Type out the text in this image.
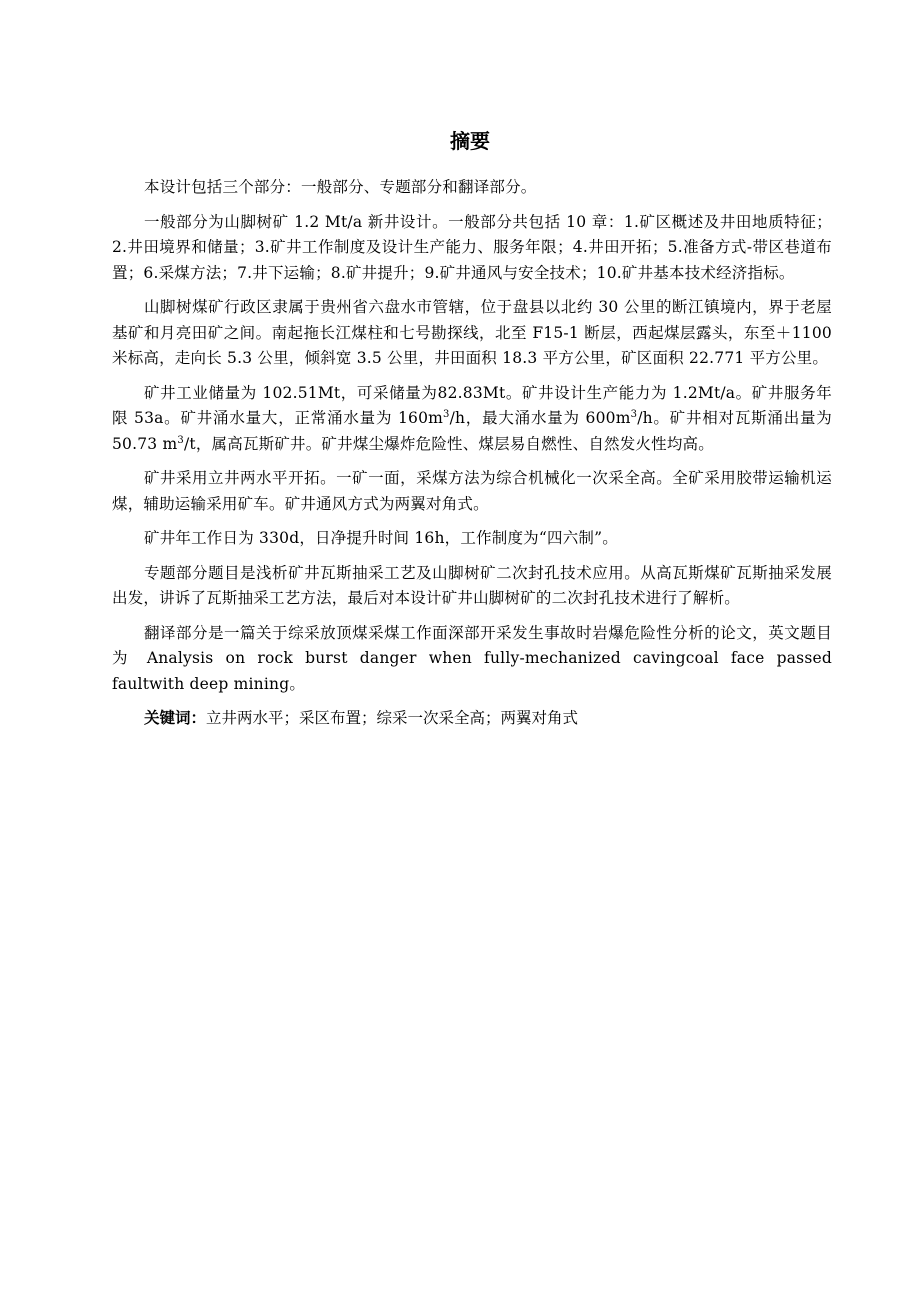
摘要

本设计包括三个部分：一般部分、专题部分和翻译部分。

一般部分为山脚树矿 1.2 Mt/a 新井设计。一般部分共包括 10 章：1.矿区概述及井田地质特征；2.井田境界和储量；3.矿井工作制度及设计生产能力、服务年限；4.井田开拓；5.准备方式-带区巷道布置；6.采煤方法；7.井下运输；8.矿井提升；9.矿井通风与安全技术；10.矿井基本技术经济指标。

山脚树煤矿行政区隶属于贵州省六盘水市管辖，位于盘县以北约 30 公里的断江镇境内，界于老屋基矿和月亮田矿之间。南起拖长江煤柱和七号勘探线，北至 F15-1 断层，西起煤层露头，东至＋1100 米标高，走向长 5.3 公里，倾斜宽 3.5 公里，井田面积 18.3 平方公里，矿区面积 22.771 平方公里。

矿井工业储量为 102.51Mt，可采储量为82.83Mt。矿井设计生产能力为 1.2Mt/a。矿井服务年限 53a。矿井涌水量大，正常涌水量为 $160m^3/h$，最大涌水量为 $600m^3/h$。矿井相对瓦斯涌出量为 50.73 $m^3/t$，属高瓦斯矿井。矿井煤尘爆炸危险性、煤层易自燃性、自然发火性均高。

矿井采用立井两水平开拓。一矿一面，采煤方法为综合机械化一次采全高。全矿采用胶带运输机运煤，辅助运输采用矿车。矿井通风方式为两翼对角式。

矿井年工作日为 330d，日净提升时间 16h，工作制度为“四六制”。

专题部分题目是浅析矿井瓦斯抽采工艺及山脚树矿二次封孔技术应用。从高瓦斯煤矿瓦斯抽采发展出发，讲诉了瓦斯抽采工艺方法，最后对本设计矿井山脚树矿的二次封孔技术进行了解析。

翻译部分是一篇关于综采放顶煤采煤工作面深部开采发生事故时岩爆危险性分析的论文，英文题目为 Analysis on rock burst danger when fully-mechanized cavingcoal face passed faultwith deep mining。

关键词：立井两水平；采区布置；综采一次采全高；两翼对角式
